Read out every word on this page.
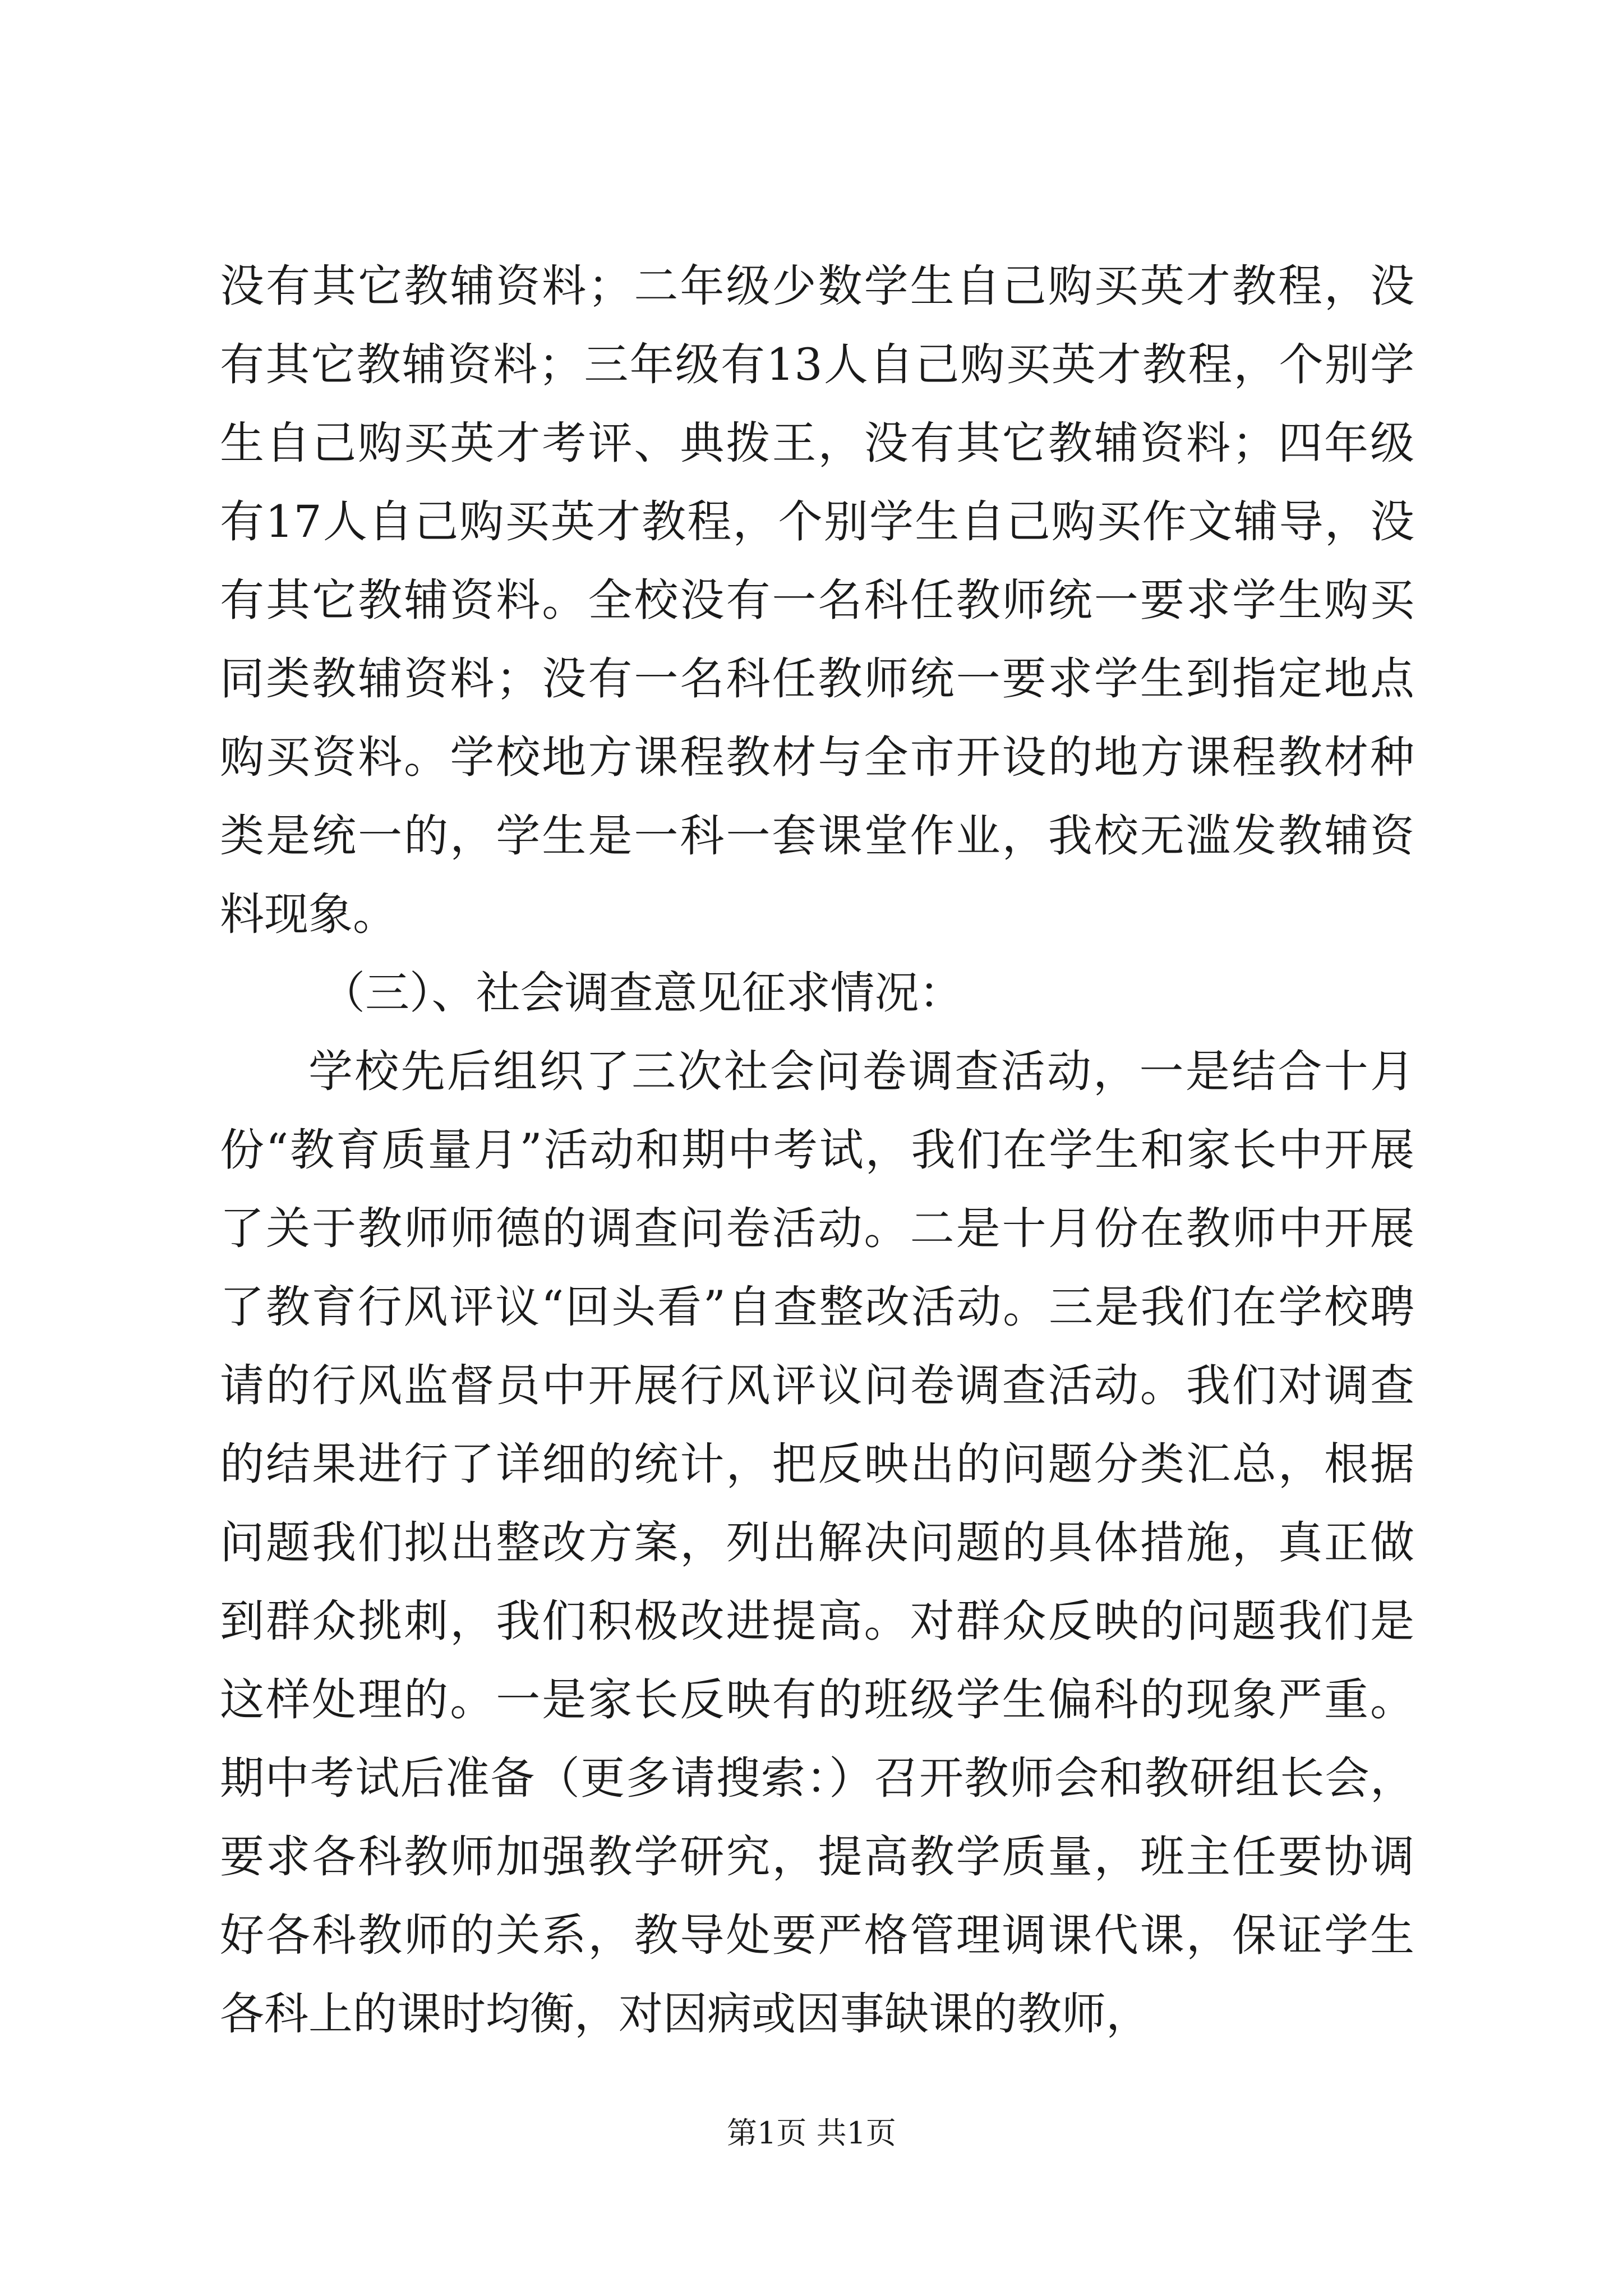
没有其它教辅资料；二年级少数学生自己购买英才教程，没有其它教辅资料；三年级有13人自己购买英才教程，个别学生自己购买英才考评、典拨王，没有其它教辅资料；四年级有17人自己购买英才教程，个别学生自己购买作文辅导，没有其它教辅资料。全校没有一名科任教师统一要求学生购买同类教辅资料；没有一名科任教师统一要求学生到指定地点购买资料。学校地方课程教材与全市开设的地方课程教材种类是统一的，学生是一科一套课堂作业，我校无滥发教辅资料现象。

（三）、社会调查意见征求情况：

学校先后组织了三次社会问卷调查活动，一是结合十月份“教育质量月”活动和期中考试，我们在学生和家长中开展了关于教师师德的调查问卷活动。二是十月份在教师中开展了教育行风评议“回头看”自查整改活动。三是我们在学校聘请的行风监督员中开展行风评议问卷调查活动。我们对调查的结果进行了详细的统计，把反映出的问题分类汇总，根据问题我们拟出整改方案，列出解决问题的具体措施，真正做到群众挑刺，我们积极改进提高。对群众反映的问题我们是这样处理的。一是家长反映有的班级学生偏科的现象严重。期中考试后准备（更多请搜索：）召开教师会和教研组长会，要求各科教师加强教学研究，提高教学质量，班主任要协调好各科教师的关系，教导处要严格管理调课代课，保证学生各科上的课时均衡，对因病或因事缺课的教师，

第1页 共1页
